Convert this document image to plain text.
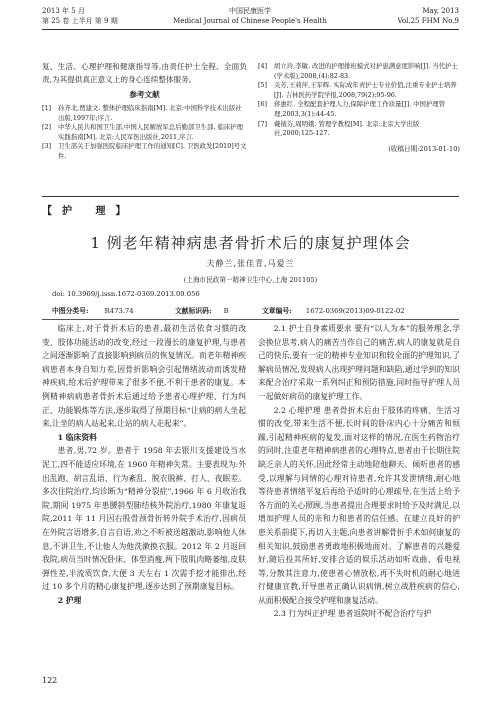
2013 年 5 月
第 25 卷 上半月 第 9 期
中国民康医学
Medical Journal of Chinese People's Health
May, 2013
Vol.25 FHM No.9
复、生活、心理护理和健康指导等,由责任护士全程、全面负责,为其提供真正意义上的身心连续整体服务。
参考文献
[1]	孙齐北,贾建文. 整体护理临床指南[M]. 北京:中国科学技术出版社出版,1997年;序言.
[2]	中华人民共和国卫生部,中国人民解放军总后勤部卫生部. 临床护理实践指南[M]. 北京:人民军医出版社,2011,序言.
[3]	卫生部关于加强医院临床护理工作的通知[C]. 卫医政发[2010]号文件.
[4]	胡立玲,李敏. 改进的护理排班模式对护患满意度影响[J]. 当代护士(学术版),2008,(4):82-83.
[5]	关芳,王莉萍,王军辉. 实际成年责护士专业价值,注重专业护士培养[J]. 吉林医药学院学报,2008,79(2):95-96.
[6]	蒋惠红. 全程配套护理人力,保障护理工作质量[J]. 中国护理管理,2003,3(1):44-45.
[7]	戴钺芬,周明娥. 管理学教程[M]. 北京:北京大学出版社,2000;125-127.
(收稿日期:2013-01-10)
【护 理】
1 例老年精神病患者骨折术后的康复护理体会
夫静兰,张佳青,马爱兰
(上海市民政第一精神卫生中心,上海 201105)
doi: 10.3969/j.issn.1672-0369.2013.09.056
中图分类号: R473.74	文献标识码: B	文章编号: 1672-0369(2013)09-0122-02

临床上,对于骨折术后的患者,最初生活依食习惯的改变、肢体功能活动的改变,经过一段漫长的康复护理,与患者之间逐渐影响了直接影响到病员的恢复情况。而老年精神疾病患者本身自知力差,因骨折影响会引起情绪波动而诱发精神疾病,给术后护理带来了很多不便,不利于患者的康复。本例精神病病患者骨折术后通过给予患者心理护理、行为纠正、功能锻炼等方法,逐步取得了预期目标“让病的病人坐起来,让坐的病人站起来,让站的病人走起来”。

1 临床资料

患者,男,72 岁。患者于 1958 年去银川支援建设当水泥工,四不能适应环境,在 1960 年精神失常。主要表现为:外出乱跑、胡言乱语、行为紊乱、脱衣脱裤、打人、夜眠差。多次住院治疗,均诊断为“精神分裂症”,1966 年 6 月收治我院,期间 1975 年患腰斜型肺结核外院治疗,1980 年康复返院,2011 年 11 月因右股骨颈骨折转外院手术治疗,因病员在外院言语增多,自言自语,劝之不听被送越激动,影响他人休息,不讲卫生,不让他人为他洗漱换衣服。2012 年 2 月返回我院,病员当时情况卧床、体型消瘦,两下肢肌肉略萎缩,皮肤弹性差,半流质饮食,大便 3 天左右 1 次需手挖才能排出,经过 10 多个月的精心康复护理,逐步达到了预期康复目标。

2 护理

2.1 护士自身素质要求 要有“以人为本”的服务理念,学会换位思考,病人的痛苦当作自己的痛苦,病人的康复就是自己的快乐,要有一定的精神专业知识和较全面的护理知识,了解病员情况,发现病人出现护理问题和缺陷,通过学到的知识来配合治疗采取一系列纠正和预防措施,同时指导护理人员一起做好病员的康复护理工作。

2.2 心理护理 患者骨折术后由于肢体的疼痛、生活习惯的改变,带来生活不便,长时间的卧床内心十分痛苦和烦躁,引起精神疾病的复发,面对这样的情况,在医生药物治疗的同时,注重老年精神病患者的心理特点,患者由于长期住院缺乏亲人的关怀,因此经常主动地陪他聊天、倾听患者的感受,以理解与同情的心理对待患者,允许其发泄情绪,耐心地等待患者情绪平复后再给予适时的心理疏导,在生活上给予各方面的关心照顾,当患者提出合理要求时给予及时满足,以增加护理人员的亲和力和患者的信任感。在建立良好的护患关系前提下,再切入主题,向患者讲解骨折手术如何康复的相关知识,鼓励患者勇敢地积极地面对。了解患者的兴趣爱好,随后投其所好,安排合适的娱乐活动如听戏曲、看电视等,分散其注意力,使患者心情放松,再不失时机的耐心地进行健康宣教,开导患者正确认识病情,树立战胜疾病的信心,从面积极配合接受护理和康复活动。

2.3 行为纠正护理 患者返院时不配合治疗与护

122
